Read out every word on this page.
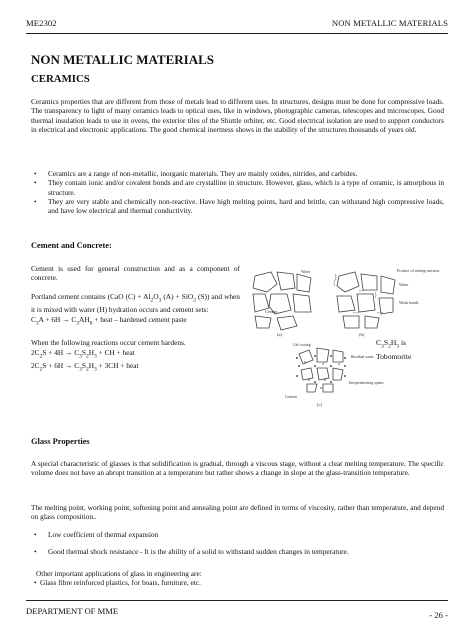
ME2302	NON METALLIC MATERIALS
NON METALLIC MATERIALS
CERAMICS
Ceramics properties that are different from those of metals lead to different uses. In structures, designs must be done for compressive loads. The transparency to light of many ceramics leads to optical uses, like in windows, photographic cameras, telescopes and microscopes. Good thermal insulation leads to use in ovens, the exterior tiles of the Shuttle orbiter, etc. Good electrical isolation are used to support conductors in electrical and electronic applications. The good chemical inertness shows in the stability of the structures thousands of years old.
• Ceramics are a range of non-metallic, inorganic materials. They are mainly oxides, nitrides, and carbides.
• They contain ionic and/or covalent bonds and are crystalline in structure. However, glass, which is a type of ceramic, is amorphous in structure.
• They are very stable and chemically non-reactive. Have high melting points, hard and brittle, can withstand high compressive loads, and have low electrical and thermal conductivity.
Cement and Concrete:

Cement is used for general construction and as a component of concrete.

Portland cement contains (CaO $(C) + Al_2O_3$ (A) + SiO$_2$ (S)) and when it is mixed with water (H) hydration occurs and cement sets:
$C_3A + 6H \to C_3AH_6$ + heat – hardened cement paste

When the following reactions occur cement hardens.
$2C_2S + 4H \to C_3S_2H_3$ + CH + heat
$2C_2S + 6H \to C_3S_2H_3 + 3CH$ + heat

Cement
Water
(a)
Product of setting reaction
Water
Weak bonds
(b)
Gel coating
Residual water
Cement
Interpenetrating spines
(c)
$C_3S_2H_3$ is
Tobomorite
Glass Properties
A special characteristic of glasses is that solidification is gradual, through a viscous stage, without a clear melting temperature. The specific volume does not have an abrupt transition at a temperature but rather shows a change in slope at the glass-transition temperature.
The melting point, working point, softening point and annealing point are defined in terms of viscosity, rather than temperature, and depend on glass composition..
• Low coefficient of thermal expansion
• Good thermal shock resistance - It is the ability of a solid to withstand sudden changes in temperature.
Other important applications of glass in engineering are:
• Glass fibre reinforced plastics, for boats, furniture, etc.
DEPARTMENT OF MME	- 26 -
